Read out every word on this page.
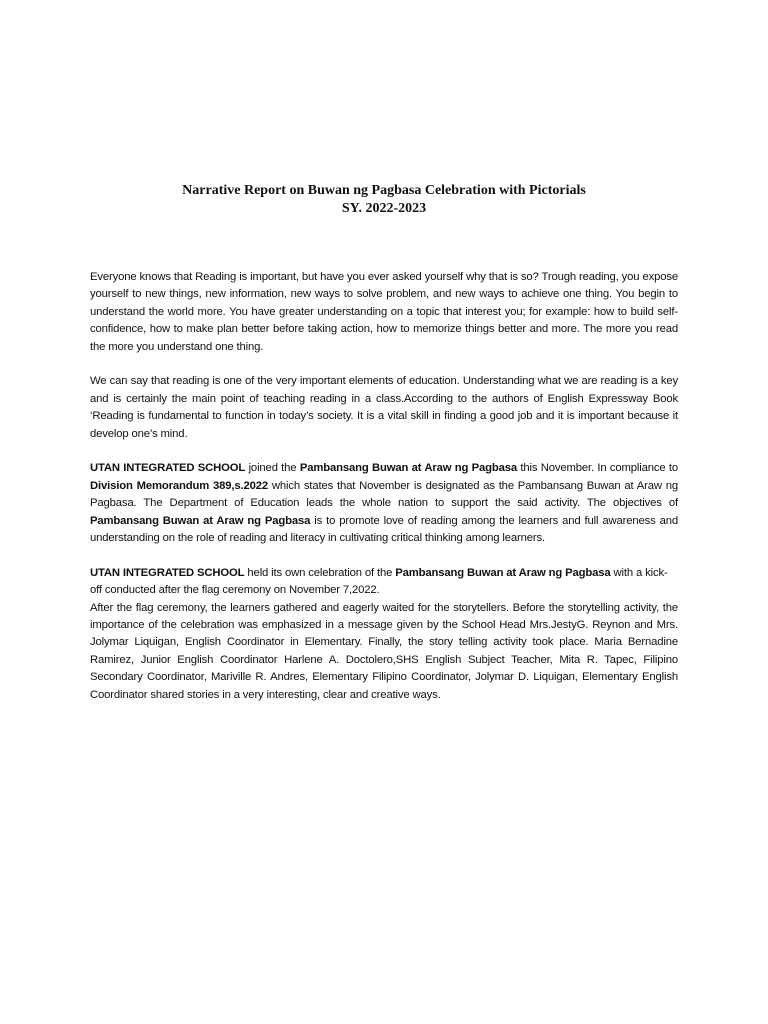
Narrative Report on Buwan ng Pagbasa Celebration with Pictorials
SY. 2022-2023

Everyone knows that Reading is important, but have you ever asked yourself why that is so? Trough reading, you expose yourself to new things, new information, new ways to solve problem, and new ways to achieve one thing. You begin to understand the world more. You have greater understanding on a topic that interest you; for example: how to build self-confidence, how to make plan better before taking action, how to memorize things better and more. The more you read the more you understand one thing.

We can say that reading is one of the very important elements of education. Understanding what we are reading is a key and is certainly the main point of teaching reading in a class.According to the authors of English Expressway Book ‘Reading is fundamental to function in today’s society. It is a vital skill in finding a good job and it is important because it develop one’s mind.

UTAN INTEGRATED SCHOOL joined the Pambansang Buwan at Araw ng Pagbasa this November. In compliance to Division Memorandum 389,s.2022 which states that November is designated as the Pambansang Buwan at Araw ng Pagbasa. The Department of Education leads the whole nation to support the said activity. The objectives of Pambansang Buwan at Araw ng Pagbasa is to promote love of reading among the learners and full awareness and understanding on the role of reading and literacy in cultivating critical thinking among learners.

UTAN INTEGRATED SCHOOL held its own celebration of the Pambansang Buwan at Araw ng Pagbasa with a kick-off conducted after the flag ceremony on November 7,2022.

After the flag ceremony, the learners gathered and eagerly waited for the storytellers. Before the storytelling activity, the importance of the celebration was emphasized in a message given by the School Head Mrs.JestyG. Reynon and Mrs. Jolymar Liquigan, English Coordinator in Elementary. Finally, the story telling activity took place. Maria Bernadine Ramirez, Junior English Coordinator Harlene A. Doctolero,SHS English Subject Teacher, Mita R. Tapec, Filipino Secondary Coordinator, Mariville R. Andres, Elementary Filipino Coordinator, Jolymar D. Liquigan, Elementary English Coordinator shared stories in a very interesting, clear and creative ways.
